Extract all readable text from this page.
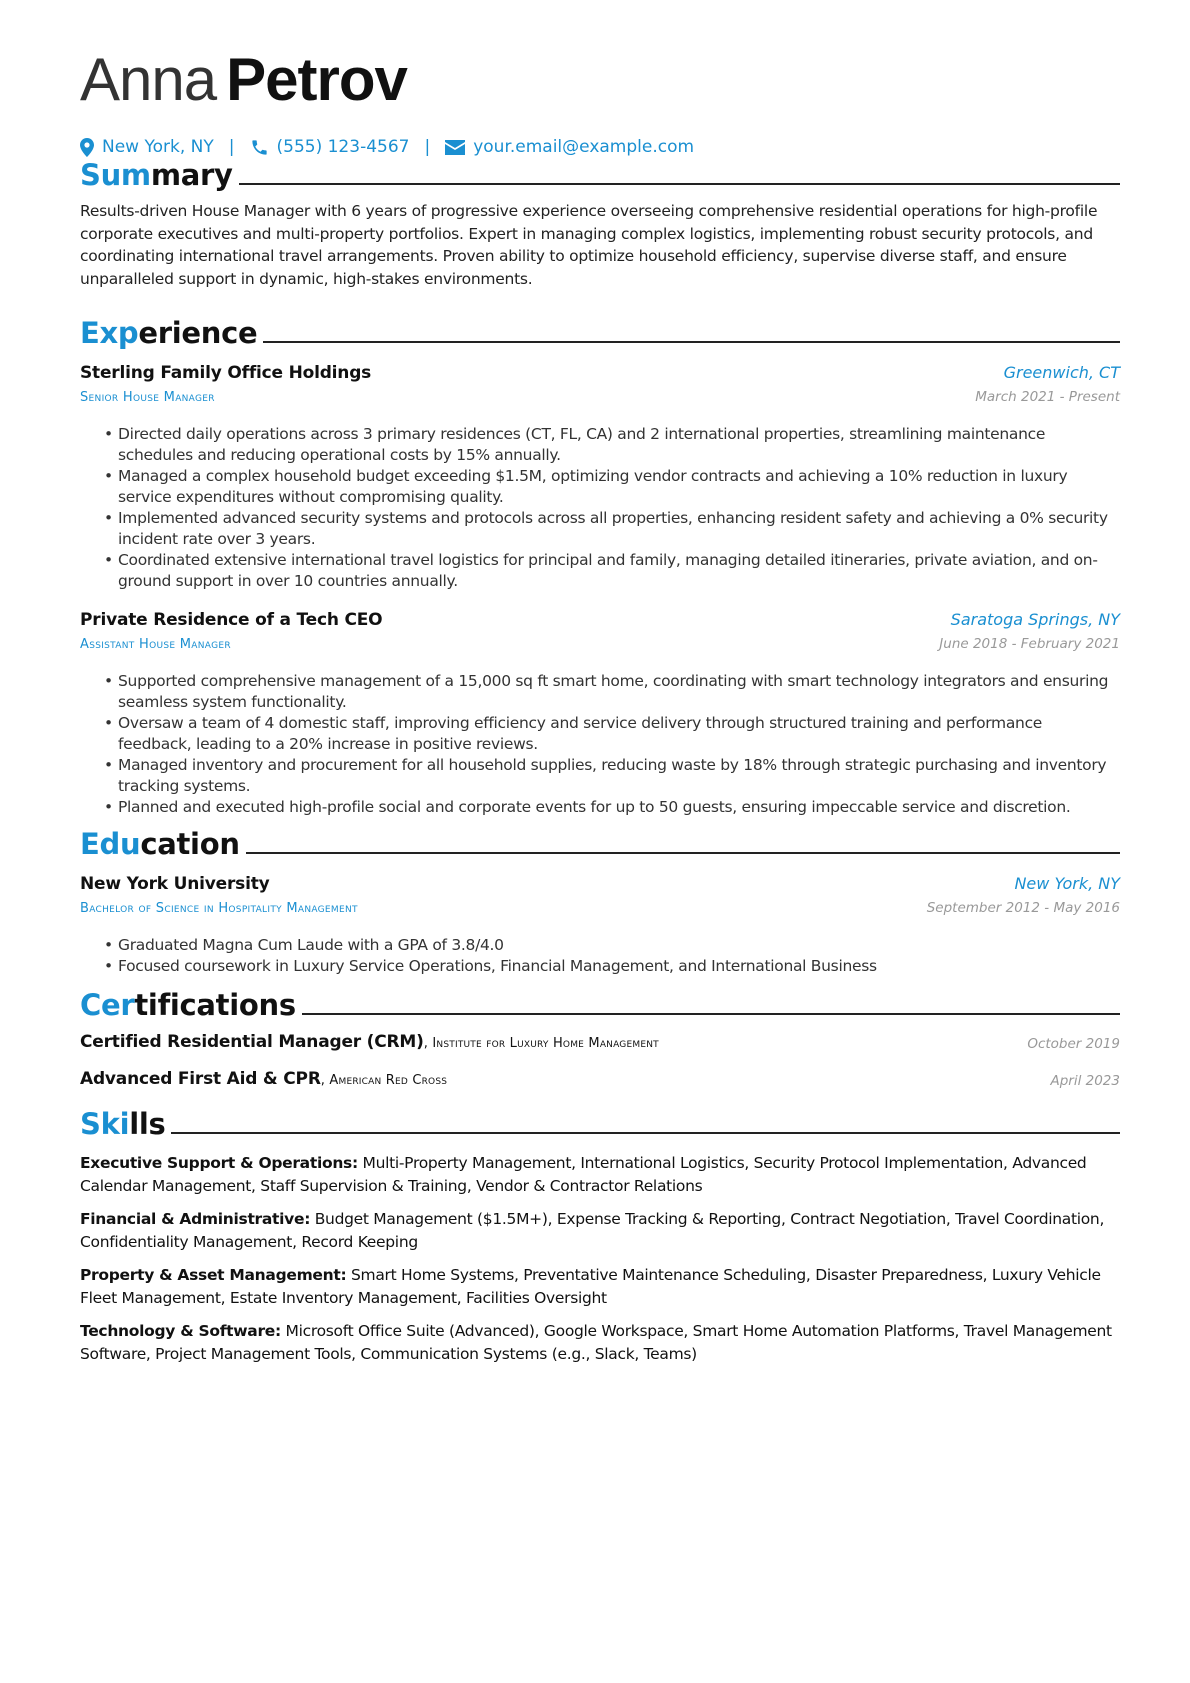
Anna Petrov
New York, NY | (555) 123-4567 |	your.email@example.com
Summary
Results-driven House Manager with 6 years of progressive experience overseeing comprehensive residential operations for high-profile corporate executives and multi-property portfolios. Expert in managing complex logistics, implementing robust security protocols, and coordinating international travel arrangements. Proven ability to optimize household efficiency, supervise diverse staff, and ensure unparalleled support in dynamic, high-stakes environments.
Experience
Sterling Family Office Holdings	Greenwich, CT
Senior House Manager	March 2021 - Present
• Directed daily operations across 3 primary residences (CT, FL, CA) and 2 international properties, streamlining maintenance schedules and reducing operational costs by 15% annually.
• Managed a complex household budget exceeding $1.5M, optimizing vendor contracts and achieving a 10% reduction in luxury service expenditures without compromising quality.
• Implemented advanced security systems and protocols across all properties, enhancing resident safety and achieving a 0% security incident rate over 3 years.
• Coordinated extensive international travel logistics for principal and family, managing detailed itineraries, private aviation, and on-ground support in over 10 countries annually.
Private Residence of a Tech CEO	Saratoga Springs, NY
Assistant House Manager	June 2018 - February 2021
• Supported comprehensive management of a 15,000 sq ft smart home, coordinating with smart technology integrators and ensuring seamless system functionality.
• Oversaw a team of 4 domestic staff, improving efficiency and service delivery through structured training and performance feedback, leading to a 20% increase in positive reviews.
• Managed inventory and procurement for all household supplies, reducing waste by 18% through strategic purchasing and inventory tracking systems.
• Planned and executed high-profile social and corporate events for up to 50 guests, ensuring impeccable service and discretion.
Education
New York University	New York, NY
Bachelor of Science in Hospitality Management	September 2012 - May 2016
• Graduated Magna Cum Laude with a GPA of 3.8/4.0
• Focused coursework in Luxury Service Operations, Financial Management, and International Business
Certifications
Certified Residential Manager (CRM), Institute for Luxury Home Management	October 2019
Advanced First Aid & CPR, American Red Cross	April 2023
Skills
Executive Support & Operations: Multi-Property Management, International Logistics, Security Protocol Implementation, Advanced Calendar Management, Staff Supervision & Training, Vendor & Contractor Relations
Financial & Administrative: Budget Management ($1.5M+), Expense Tracking & Reporting, Contract Negotiation, Travel Coordination, Confidentiality Management, Record Keeping
Property & Asset Management: Smart Home Systems, Preventative Maintenance Scheduling, Disaster Preparedness, Luxury Vehicle Fleet Management, Estate Inventory Management, Facilities Oversight
Technology & Software: Microsoft Office Suite (Advanced), Google Workspace, Smart Home Automation Platforms, Travel Management Software, Project Management Tools, Communication Systems (e.g., Slack, Teams)
